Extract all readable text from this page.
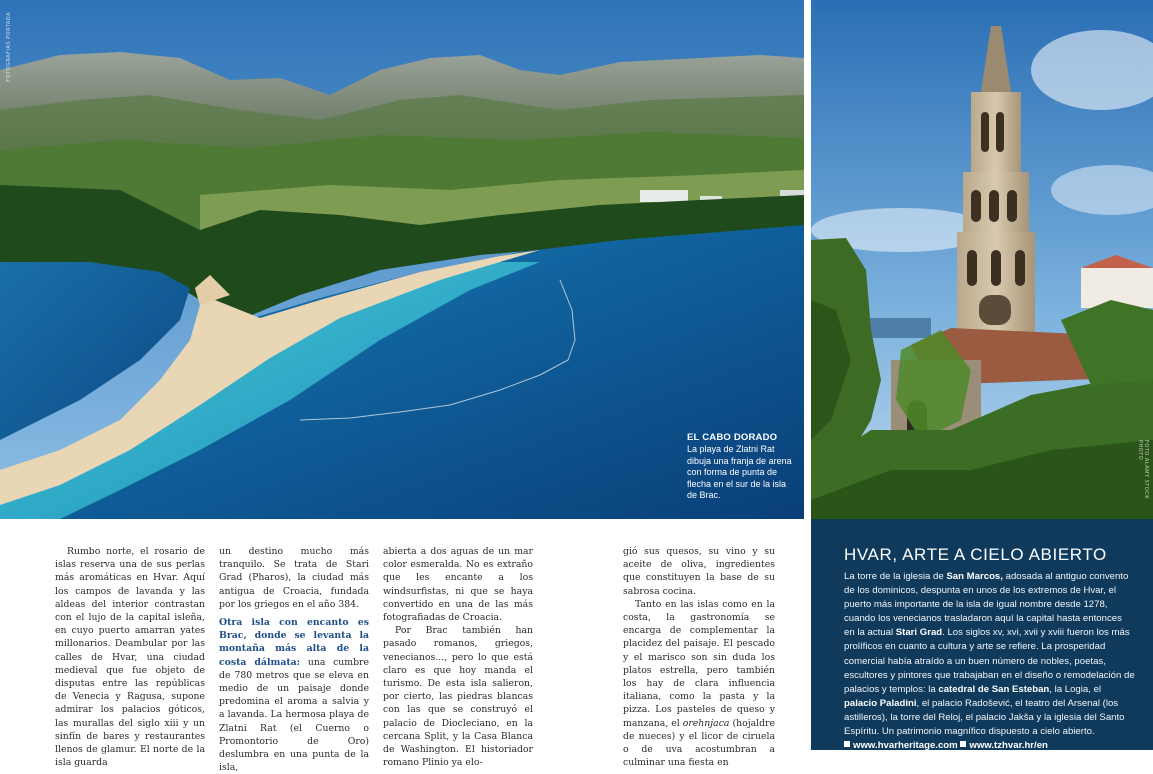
FOTOGRAFIAS PORTADA
EL CABO DORADO
La playa de Zlatni Rat dibuja una franja de arena con forma de punta de flecha en el sur de la isla de Brac.	FOTO ALAMY STOCK PHOTO

Rumbo norte, el rosario de islas reserva una de sus perlas más aromáticas en Hvar. Aquí los campos de lavanda y las aldeas del interior contrastan con el lujo de la capital isleña, en cuyo puerto amarran yates millonarios. Deambular por las calles de Hvar, una ciudad medieval que fue objeto de disputas entre las repúblicas de Venecia y Ragusa, supone admirar los palacios góticos, las murallas del siglo xiii y un sinfín de bares y restaurantes llenos de glamur. El norte de la isla guarda

un destino mucho más tranquilo. Se trata de Stari Grad (Pharos), la ciudad más antigua de Croacia, fundada por los griegos en el año 384.

Otra isla con encanto es Brac, donde se levanta la montaña más alta de la costa dálmata: una cumbre de 780 metros que se eleva en medio de un paisaje donde predomina el aroma a salvia y a lavanda. La hermosa playa de Zlatni Rat (el Cuerno o Promontorio de Oro) deslumbra en una punta de la isla,

abierta a dos aguas de un mar color esmeralda. No es extraño que les encante a los windsurfistas, ni que se haya convertido en una de las más fotografiadas de Croacia.

Por Brac también han pasado romanos, griegos, venecianos..., pero lo que está claro es que hoy manda el turismo. De esta isla salieron, por cierto, las piedras blancas con las que se construyó el palacio de Diocleciano, en la cercana Split, y la Casa Blanca de Washington. El historiador romano Plinio ya elo-

gió sus quesos, su vino y su aceite de oliva, ingredientes que constituyen la base de su sabrosa cocina.

Tanto en las islas como en la costa, la gastronomía se encarga de complementar la placidez del paisaje. El pescado y el marisco son sin duda los platos estrella, pero también los hay de clara influencia italiana, como la pasta y la pizza. Los pasteles de queso y manzana, el orehnjaca (hojaldre de nueces) y el licor de ciruela o de uva acostumbran a culminar una fiesta en

HVAR, ARTE A CIELO ABIERTO
La torre de la iglesia de San Marcos, adosada al antiguo convento de los dominicos, despunta en unos de los extremos de Hvar, el puerto más importante de la isla de igual nombre desde 1278, cuando los venecianos trasladaron aquí la capital hasta entonces en la actual Stari Grad. Los siglos xv, xvi, xvii y xviii fueron los más prolíficos en cuanto a cultura y arte se refiere. La prosperidad comercial había atraído a un buen número de nobles, poetas, escultores y pintores que trabajaban en el diseño o remodelación de palacios y templos: la catedral de San Esteban, la Logia, el palacio Paladini, el palacio Radošević, el teatro del Arsenal (los astilleros), la torre del Reloj, el palacio Jakša y la iglesia del Santo Espíritu. Un patrimonio magnífico dispuesto a cielo abierto.
www.hvarheritage.com www.tzhvar.hr/en
